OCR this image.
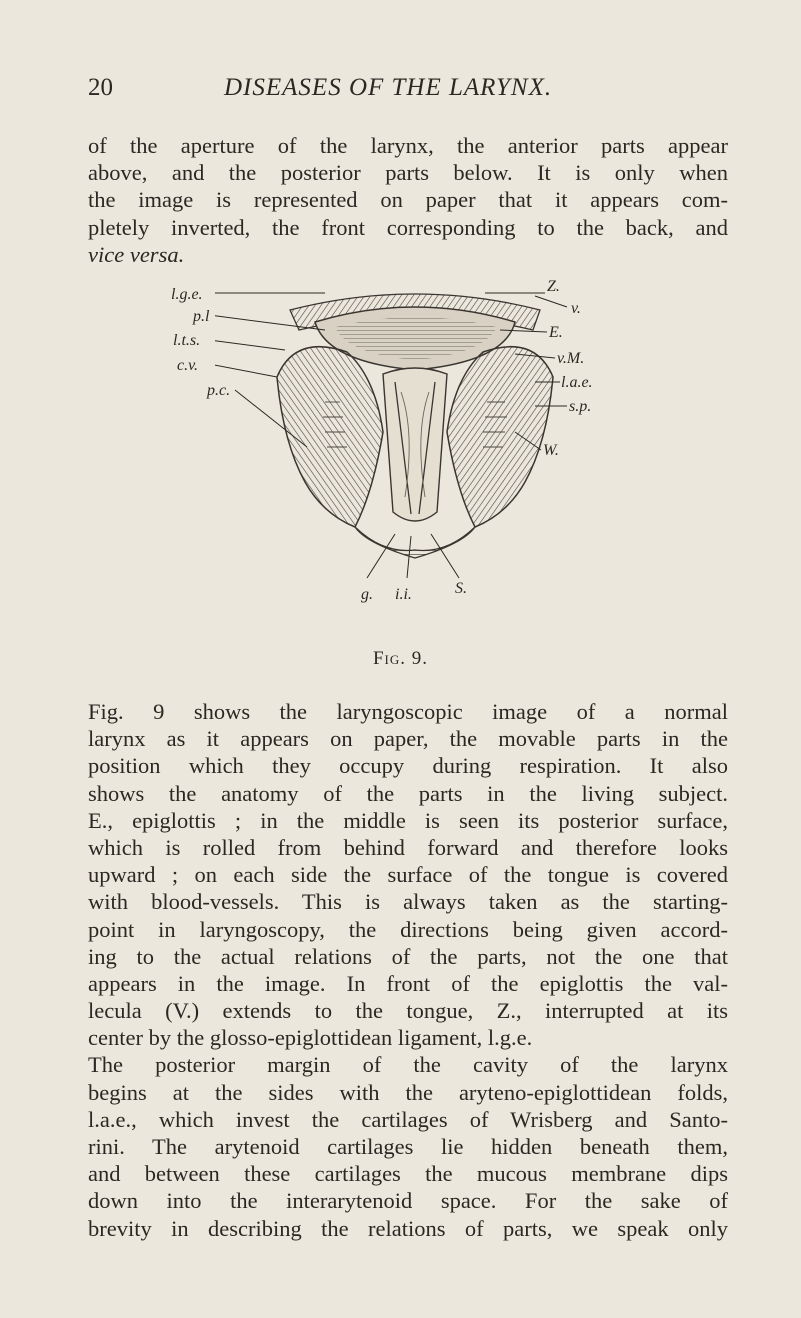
20	DISEASES OF THE LARYNX.
of the aperture of the larynx, the anterior parts appear
above, and the posterior parts below. It is only when
the image is represented on paper that it appears com-
pletely inverted, the front corresponding to the back, and
vice versa.
l.g.e.
p.l
l.t.s.
c.v.
p.c.
Z.
v.
E.
v.M.
l.a.e.
s.p.
W.
g. i.i.	S.
Fig. 9.
Fig. 9 shows the laryngoscopic image of a normal
larynx as it appears on paper, the movable parts in the
position which they occupy during respiration. It also
shows the anatomy of the parts in the living subject.
E., epiglottis ; in the middle is seen its posterior surface,
which is rolled from behind forward and therefore looks
upward ; on each side the surface of the tongue is covered
with blood-vessels. This is always taken as the starting-
point in laryngoscopy, the directions being given accord-
ing to the actual relations of the parts, not the one that
appears in the image. In front of the epiglottis the val-
lecula (V.) extends to the tongue, Z., interrupted at its
center by the glosso-epiglottidean ligament, l.g.e.
The posterior margin of the cavity of the larynx
begins at the sides with the aryteno-epiglottidean folds,
l.a.e., which invest the cartilages of Wrisberg and Santo-
rini. The arytenoid cartilages lie hidden beneath them,
and between these cartilages the mucous membrane dips
down into the interarytenoid space. For the sake of
brevity in describing the relations of parts, we speak only
